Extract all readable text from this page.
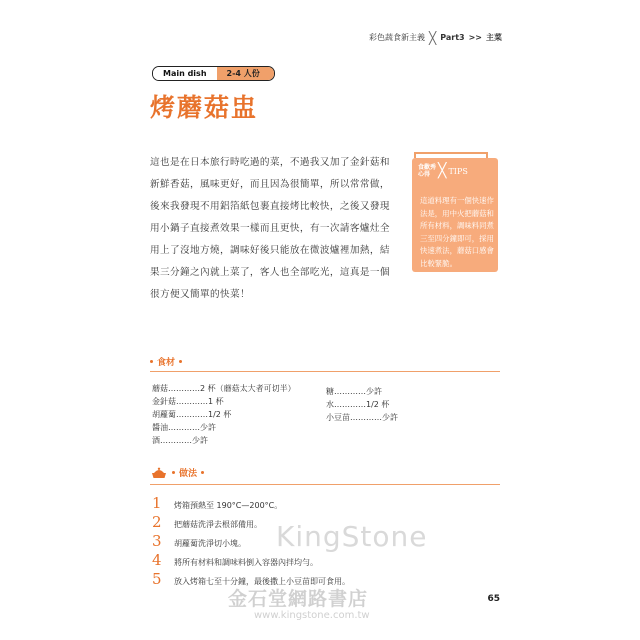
彩色蔬食新主義 ╳ Part3 >> 主菜
Main dish	2-4 人份
烤蘑菇盅
這也是在日本旅行時吃過的菜，不過我又加了金針菇和新鮮香菇，風味更好，而且因為很簡單，所以常常做，後來我發現不用鋁箔紙包裹直接烤比較快，之後又發現用小鍋子直接煮效果一樣而且更快，有一次請客爐灶全用上了沒地方燒，調味好後只能放在微波爐裡加熱，結果三分鐘之內就上菜了，客人也全部吃光，這真是一個很方便又簡單的快菜！
食歡秀
心得 ╳ TIPS
這道料理有一個快速作法是，用中火把蘑菇和所有材料，調味料同煮三至四分鐘即可，採用快速煮法，蘑菇口感會比較緊脆。
食材
蘑菇…………2 杯（蘑菇太大者可切半）
金針菇…………1 杯
胡蘿蔔…………1/2 杯
醬油…………少許
酒…………少許
糖…………少許
水…………1/2 杯
小豆苗…………少許
做法
1 烤箱預熱至 190°C—200°C。
2 把蘑菇洗淨去根部備用。
3 胡蘿蔔洗淨切小塊。
4 將所有材料和調味料倒入容器內拌均勻。
5 放入烤箱七至十分鐘，最後撒上小豆苗即可食用。
KingStone
金石堂網路書店
www.kingstone.com.tw
65
